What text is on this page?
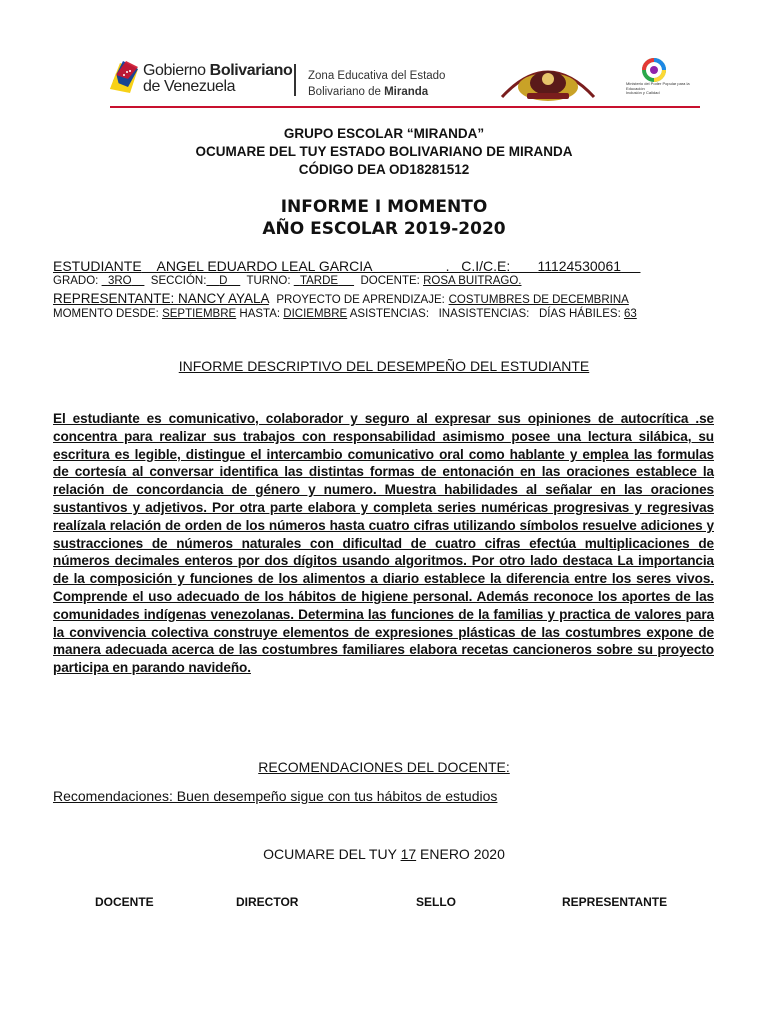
Gobierno Bolivariano
de Venezuela
Zona Educativa del Estado
Bolivariano de Miranda
Ministerio del Poder Popular para la Educación
Inclusión y Calidad
GRUPO ESCOLAR “MIRANDA”
OCUMARE DEL TUY ESTADO BOLIVARIANO DE MIRANDA
CÓDIGO DEA OD18281512
INFORME I MOMENTO
AÑO ESCOLAR 2019-2020
ESTUDIANTE ANGEL EDUARDO LEAL GARCIA                   .   C.I/C.E: 11124530061
GRADO: 3RO SECCIÓN: D TURNO: TARDE DOCENTE: ROSA BUITRAGO.
REPRESENTANTE: NANCY AYALA PROYECTO DE APRENDIZAJE: COSTUMBRES DE DECEMBRINA
MOMENTO DESDE: SEPTIEMBRE HASTA: DICIEMBRE ASISTENCIAS: INASISTENCIAS: DÍAS HÁBILES: 63
INFORME DESCRIPTIVO DEL DESEMPEÑO DEL ESTUDIANTE

El estudiante es comunicativo, colaborador y seguro al expresar sus opiniones de autocrítica .se concentra para realizar sus trabajos con responsabilidad asimismo posee una lectura silábica, su escritura es legible, distingue el intercambio comunicativo oral como hablante y emplea las formulas de cortesía al conversar identifica las distintas formas de entonación en las oraciones establece la relación de concordancia de género y numero. Muestra habilidades al señalar en las oraciones sustantivos y adjetivos. Por otra parte elabora y completa series numéricas progresivas y regresivas realízala relación de orden de los números hasta cuatro cifras utilizando símbolos resuelve adiciones y sustracciones de números naturales con dificultad de cuatro cifras efectúa multiplicaciones de números decimales enteros por dos dígitos usando algoritmos. Por otro lado destaca La importancia de la composición y funciones de los alimentos a diario establece la diferencia entre los seres vivos. Comprende el uso adecuado de los hábitos de higiene personal. Además reconoce los aportes de las comunidades indígenas venezolanas. Determina las funciones de la familias y practica de valores para la convivencia colectiva construye elementos de expresiones plásticas de las costumbres expone de manera adecuada acerca de las costumbres familiares elabora recetas cancioneros sobre su proyecto participa en parando navideño.

RECOMENDACIONES DEL DOCENTE:
Recomendaciones: Buen desempeño sigue con tus hábitos de estudios
OCUMARE DEL TUY 17 ENERO 2020
DOCENTE	DIRECTOR	SELLO	REPRESENTANTE
